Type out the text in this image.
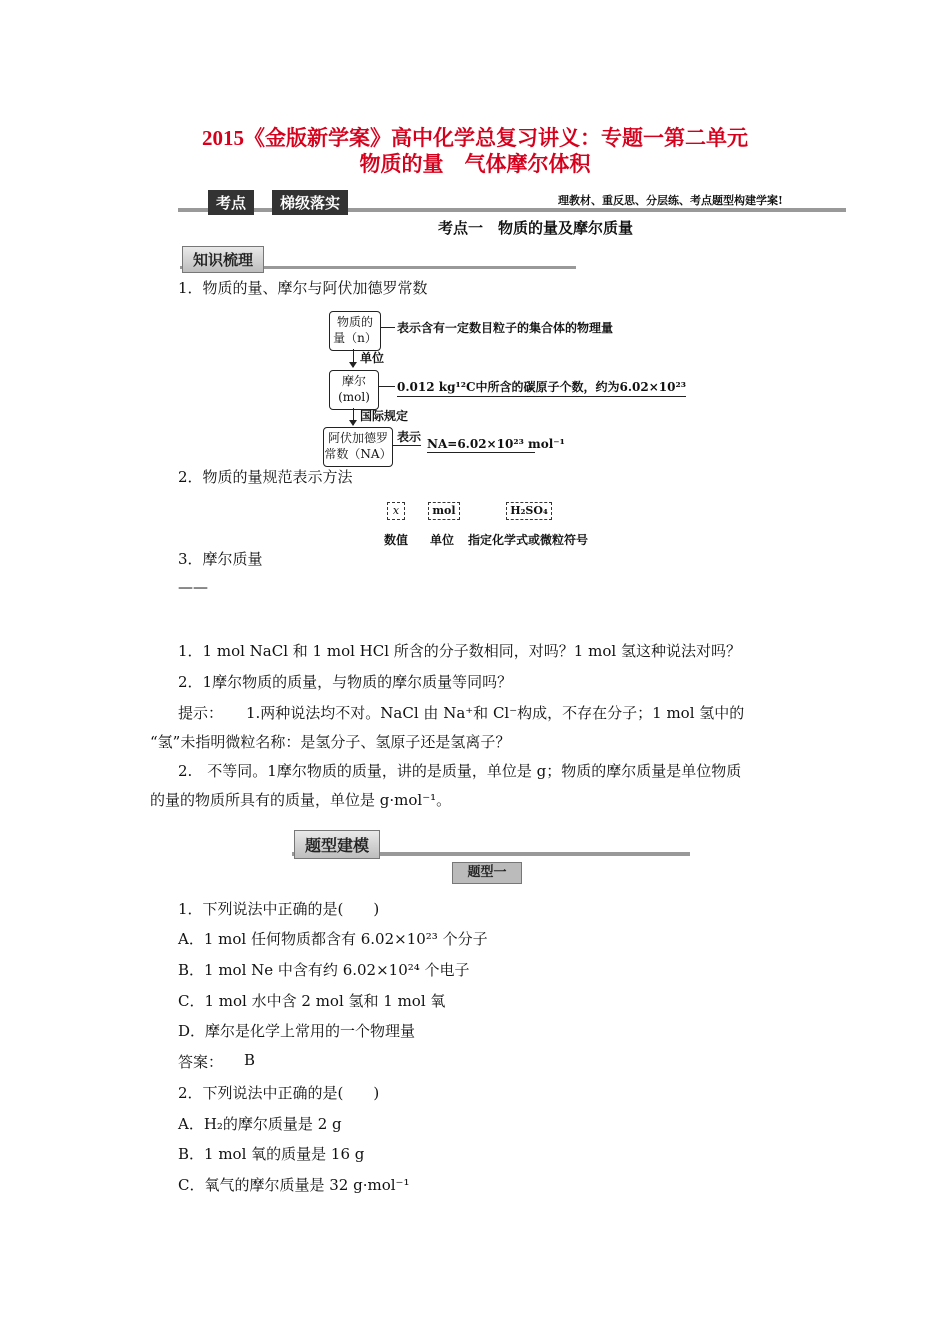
2015《金版新学案》高中化学总复习讲义：专题一第二单元
物质的量　气体摩尔体积
考点	梯级落实	理教材、重反思、分层练、考点题型构建学案!
考点一　物质的量及摩尔质量
知识梳理
1．物质的量、摩尔与阿伏加德罗常数
物质的
量（n）
表示含有一定数目粒子的集合体的物理量
单位
摩尔
(mol)
0.012 kg¹²C中所含的碳原子个数，约为6.02×10²³
国际规定
阿伏加德罗
常数（NA）
表示 NA=6.02×10²³ mol⁻¹
2．物质的量规范表示方法
x	mol	H₂SO₄
数值 单位 指定化学式或微粒符号
3．摩尔质量
——
1．1 mol NaCl 和 1 mol HCl 所含的分子数相同，对吗？1 mol 氢这种说法对吗？
2．1摩尔物质的质量，与物质的摩尔质量等同吗？
提示： 1.两种说法均不对。NaCl 由 Na⁺和 Cl⁻构成，不存在分子；1 mol 氢中的
“氢”未指明微粒名称：是氢分子、氢原子还是氢离子？
2.　不等同。1摩尔物质的质量，讲的是质量，单位是 g；物质的摩尔质量是单位物质
的量的物质所具有的质量，单位是 g·mol⁻¹。
题型建模
题型一
1．下列说法中正确的是(　　)
A．1 mol 任何物质都含有 6.02×10²³ 个分子
B．1 mol Ne 中含有约 6.02×10²⁴ 个电子
C．1 mol 水中含 2 mol 氢和 1 mol 氧
D．摩尔是化学上常用的一个物理量
答案： B
2．下列说法中正确的是(　　)
A．H₂的摩尔质量是 2 g
B．1 mol 氧的质量是 16 g
C．氧气的摩尔质量是 32 g·mol⁻¹
